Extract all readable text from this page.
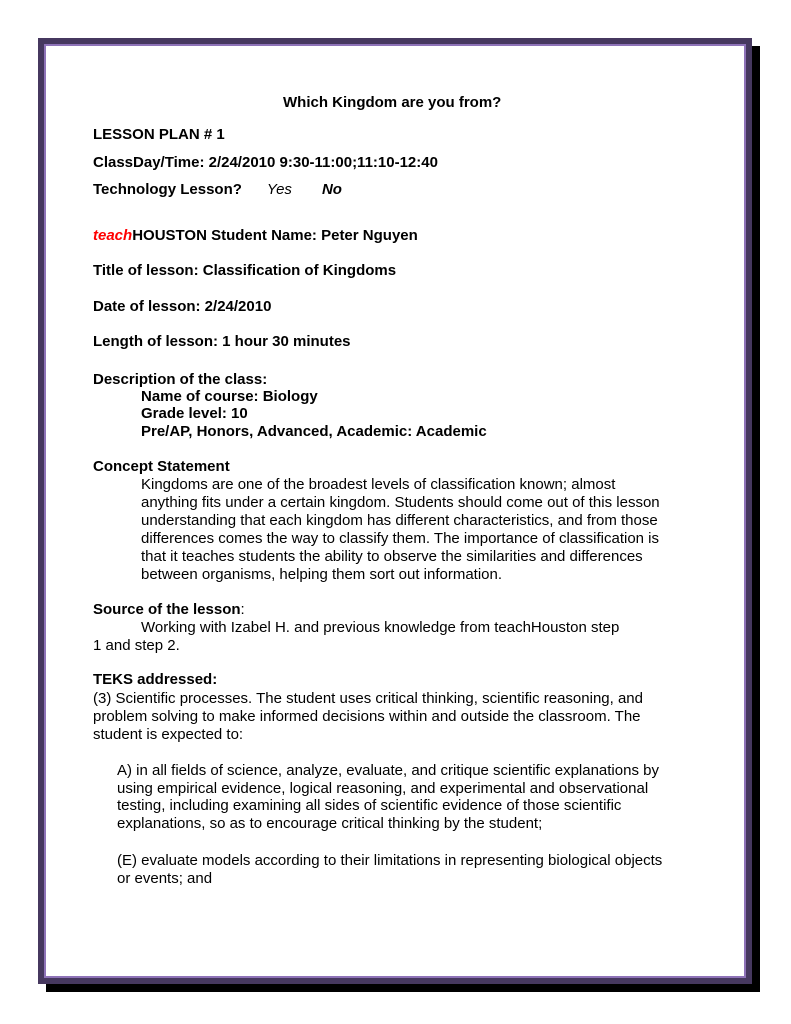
Which Kingdom are you from?
LESSON PLAN # 1
ClassDay/Time: 2/24/2010 9:30-11:00;11:10-12:40
Technology Lesson? Yes No
teachHOUSTON Student Name: Peter Nguyen
Title of lesson: Classification of Kingdoms
Date of lesson: 2/24/2010
Length of lesson: 1 hour 30 minutes
Description of the class:
Name of course: Biology
Grade level: 10
Pre/AP, Honors, Advanced, Academic: Academic
Concept Statement
Kingdoms are one of the broadest levels of classification known; almost
anything fits under a certain kingdom. Students should come out of this lesson
understanding that each kingdom has different characteristics, and from those
differences comes the way to classify them. The importance of classification is
that it teaches students the ability to observe the similarities and differences
between organisms, helping them sort out information.
Source of the lesson:
Working with Izabel H. and previous knowledge from teachHouston step
1 and step 2.
TEKS addressed:
(3) Scientific processes. The student uses critical thinking, scientific reasoning, and
problem solving to make informed decisions within and outside the classroom. The
student is expected to:
A) in all fields of science, analyze, evaluate, and critique scientific explanations by
using empirical evidence, logical reasoning, and experimental and observational
testing, including examining all sides of scientific evidence of those scientific
explanations, so as to encourage critical thinking by the student;
(E) evaluate models according to their limitations in representing biological objects
or events; and
